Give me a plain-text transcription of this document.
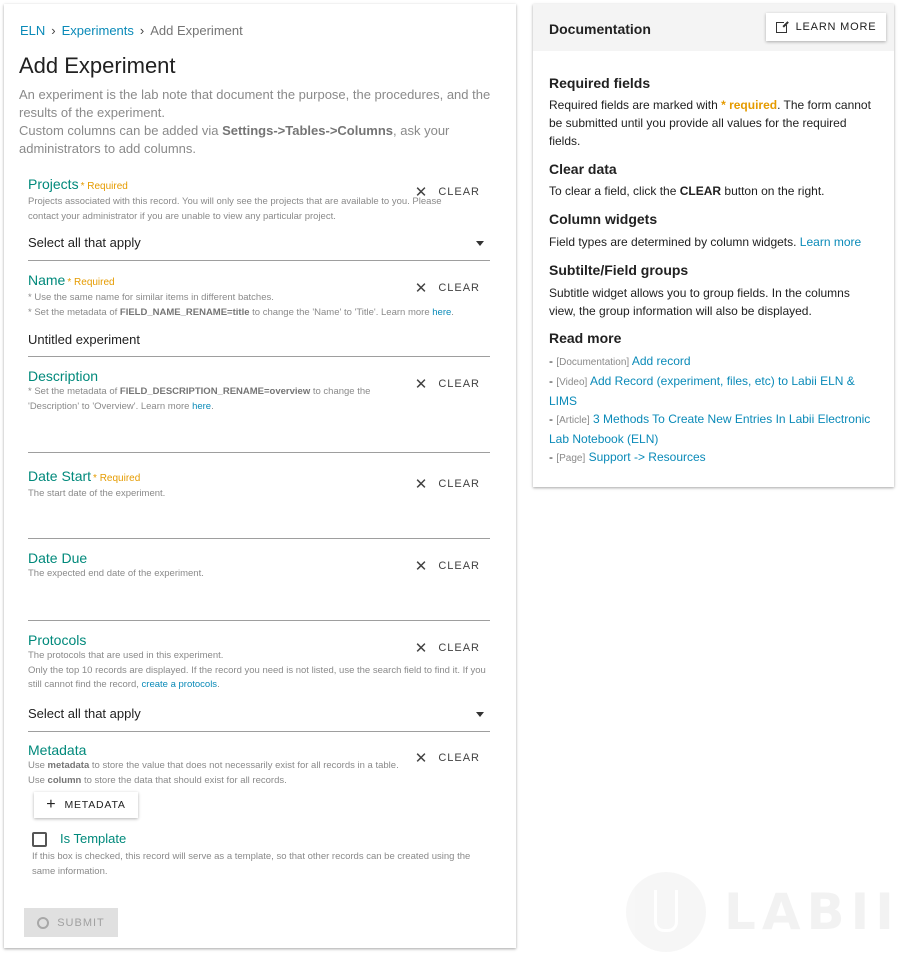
ELN › Experiments › Add Experiment
Add Experiment
An experiment is the lab note that document the purpose, the procedures, and the results of the experiment.
Custom columns can be added via Settings->Tables->Columns, ask your administrators to add columns.
Projects * Required
Projects associated with this record. You will only see the projects that are available to you. Please contact your administrator if you are unable to view any particular project.
✕ CLEAR
Select all that apply
Name * Required
* Use the same name for similar items in different batches.
* Set the metadata of FIELD_NAME_RENAME=title to change the 'Name' to 'Title'. Learn more here.
✕ CLEAR
Untitled experiment
Description
* Set the metadata of FIELD_DESCRIPTION_RENAME=overview to change the 'Description' to 'Overview'. Learn more here.
✕ CLEAR
Date Start * Required
The start date of the experiment.
✕ CLEAR
Date Due
The expected end date of the experiment.	✕ CLEAR
Protocols
The protocols that are used in this experiment.
Only the top 10 records are displayed. If the record you need is not listed, use the search field to find it. If you still cannot find the record, create a protocols.
✕ CLEAR
Select all that apply
Metadata
Use metadata to store the value that does not necessarily exist for all records in a table.
Use column to store the data that should exist for all records.
✕ CLEAR
+ METADATA
Is Template
If this box is checked, this record will serve as a template, so that other records can be created using the same information.
SUBMIT
Documentation	LEARN MORE
Required fields
Required fields are marked with * required. The form cannot be submitted until you provide all values for the required fields.
Clear data
To clear a field, click the CLEAR button on the right.
Column widgets
Field types are determined by column widgets. Learn more
Subtilte/Field groups
Subtitle widget allows you to group fields. In the columns view, the group information will also be displayed.
Read more
- [Documentation] Add record
- [Video] Add Record (experiment, files, etc) to Labii ELN & LIMS
- [Article] 3 Methods To Create New Entries In Labii Electronic Lab Notebook (ELN)
- [Page] Support -> Resources
LABII
